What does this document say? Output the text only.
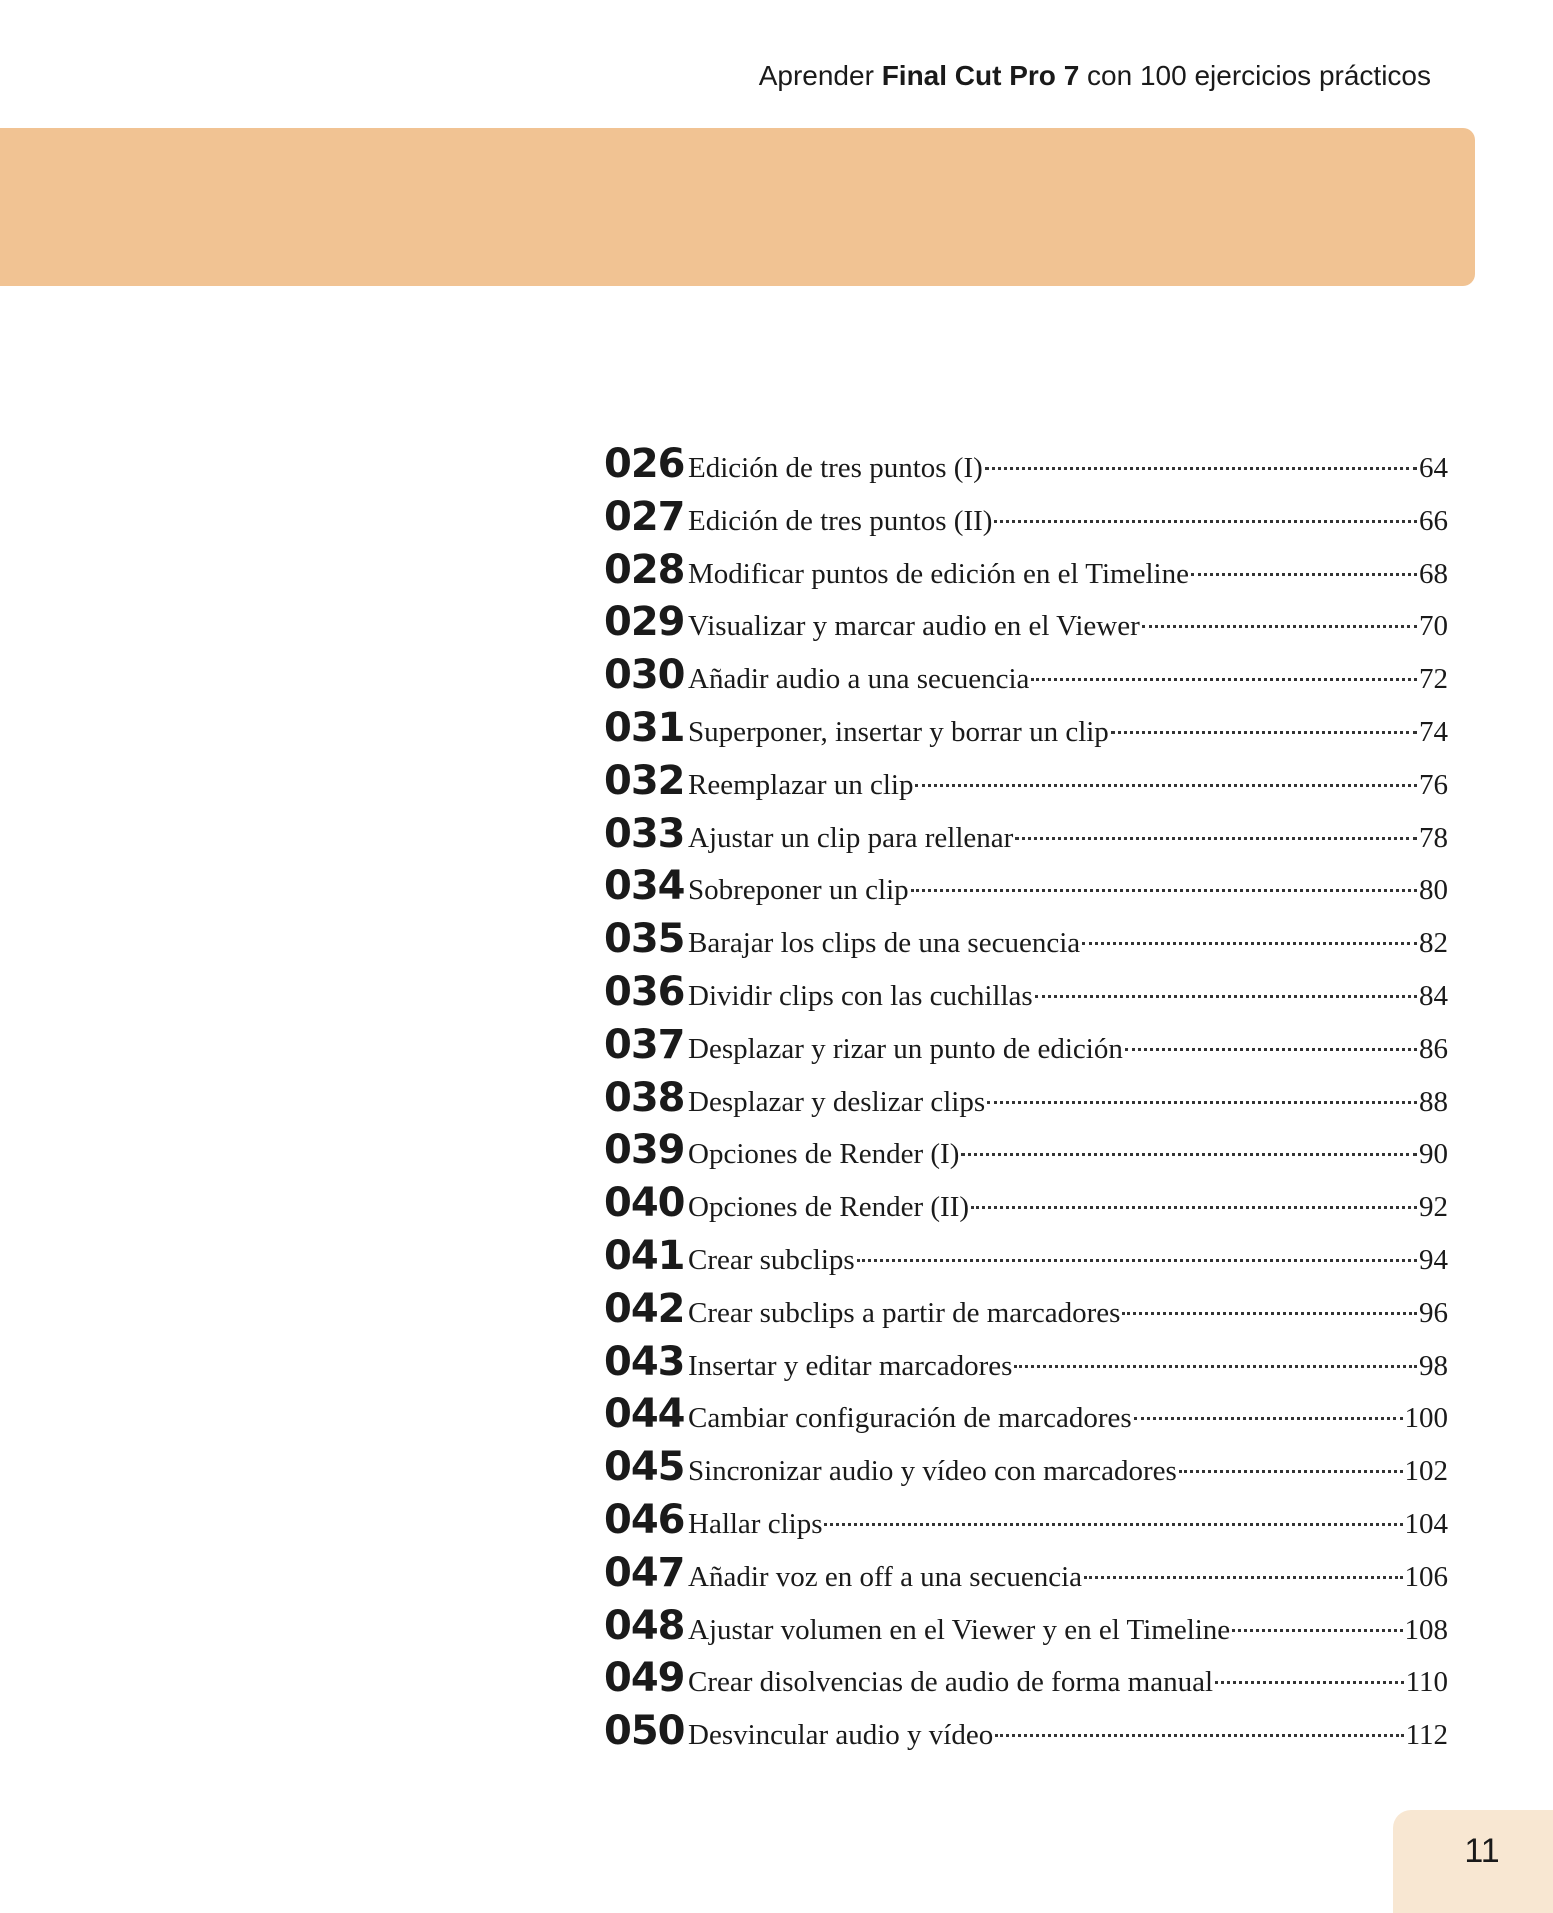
Aprender Final Cut Pro 7 con 100 ejercicios prácticos
026 Edición de tres puntos (I)	64
027 Edición de tres puntos (II)	66
028 Modificar puntos de edición en el Timeline	68
029 Visualizar y marcar audio en el Viewer	70
030 Añadir audio a una secuencia	72
031 Superponer, insertar y borrar un clip	74
032 Reemplazar un clip	76
033 Ajustar un clip para rellenar	78
034 Sobreponer un clip	80
035 Barajar los clips de una secuencia	82
036 Dividir clips con las cuchillas	84
037 Desplazar y rizar un punto de edición	86
038 Desplazar y deslizar clips	88
039 Opciones de Render (I)	90
040 Opciones de Render (II)	92
041 Crear subclips	94
042 Crear subclips a partir de marcadores	96
043 Insertar y editar marcadores	98
044 Cambiar configuración de marcadores	100
045 Sincronizar audio y vídeo con marcadores	102
046 Hallar clips	104
047 Añadir voz en off a una secuencia	106
048 Ajustar volumen en el Viewer y en el Timeline	108
049 Crear disolvencias de audio de forma manual	110
050 Desvincular audio y vídeo	112
11
